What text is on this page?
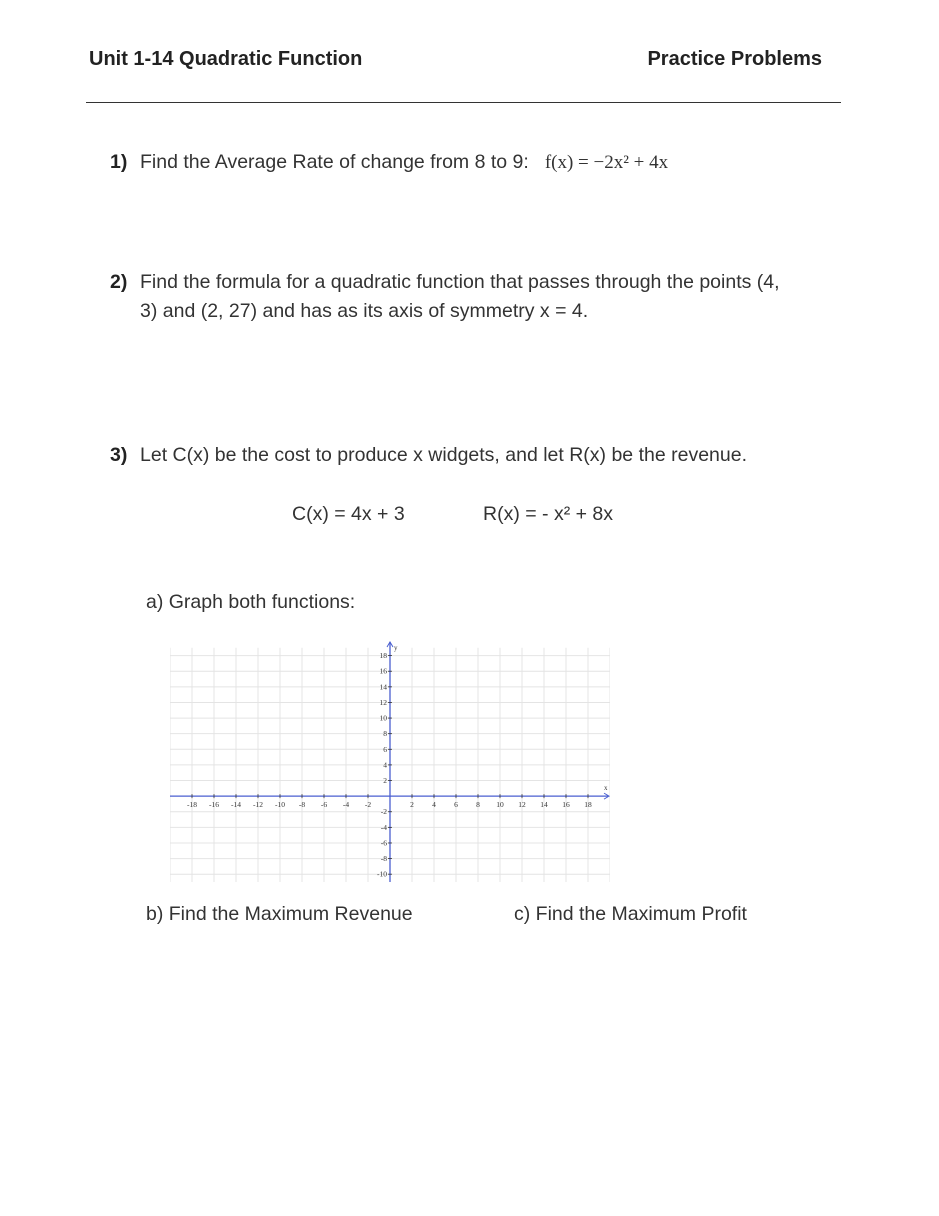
Unit 1-14 Quadratic Function	Practice Problems
1) Find the Average Rate of change from 8 to 9: f(x) = −2x² + 4x
2) Find the formula for a quadratic function that passes through the points (4,
3) and (2, 27) and has as its axis of symmetry x = 4.
3) Let C(x) be the cost to produce x widgets, and let R(x) be the revenue.
C(x) = 4x + 3	R(x) = - x² + 8x
a) Graph both functions:
x
y
-18 -16 -14 -12 -10 -8 -6 -4 -2	2 4 6 8 10 12 14 16 18
18
16
14
12
10
8
6
4
2
-2
-4
-6
-8
-10
b) Find the Maximum Revenue	c) Find the Maximum Profit
